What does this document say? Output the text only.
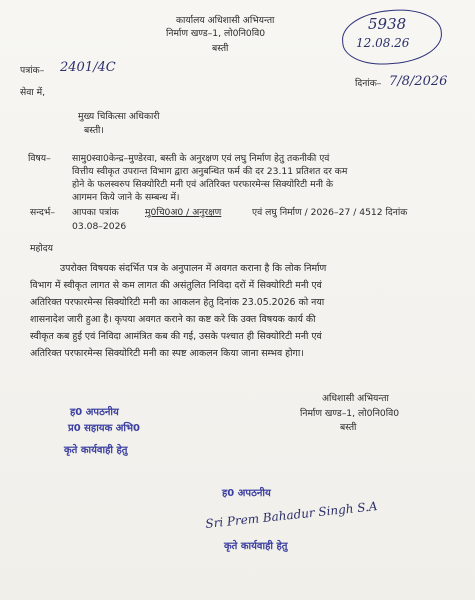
कार्यालय अधिशासी अभियन्ता
निर्माण खण्ड–1, लो0नि0वि0
बस्ती
5938
12.08.26
पत्रांक– 2401/4C
दिनांक– 7/8/2026
सेवा में,
मुख्य चिकित्सा अधिकारी
बस्ती।
विषय– सामु0स्वा0केन्द्र–मुण्डेरवा, बस्ती के अनुरक्षण एवं लघु निर्माण हेतु तकनीकी एवं
वित्तीय स्वीकृत उपरान्त विभाग द्वारा अनुबन्धित फर्म की दर 23.11 प्रतिशत दर कम
होने के फलस्वरुप सिक्योरिटी मनी एवं अतिरिक्त परफारमेन्स सिक्योरिटी मनी के
आगमन किये जाने के सम्बन्ध में।
सन्दर्भ– आपका पत्रांक	मु0चि0अ0 / अनुरक्षण	एवं लघु निर्माण / 2026–27 / 4512 दिनांक
03.08–2026
महोदय
उपरोक्त विषयक संदर्भित पत्र के अनुपालन में अवगत कराना है कि लोक निर्माण
विभाग में स्वीकृत लागत से कम लागत की असंतुलित निविदा दरों में सिक्योरिटी मनी एवं
अतिरिक्त परफारमेन्स सिक्योरिटी मनी का आकलन हेतु दिनांक 23.05.2026 को नया
शासनादेश जारी हुआ है। कृपया अवगत कराने का कष्ट करे कि उक्त विषयक कार्य की
स्वीकृत कब हुई एवं निविदा आमंत्रित कब की गई, उसके पश्चात ही सिक्योरिटी मनी एवं
अतिरिक्त परफारमेन्स सिक्योरिटी मनी का स्पष्ट आकलन किया जाना सम्भव होगा।
अधिशासी अभियन्ता
निर्माण खण्ड–1, लो0नि0वि0
बस्ती
ह0 अपठनीय
प्र0 सहायक अभि0
कृते कार्यवाही हेतु
Sri Prem Bahadur Singh S.A
ह0 अपठनीय
कृते कार्यवाही हेतु
